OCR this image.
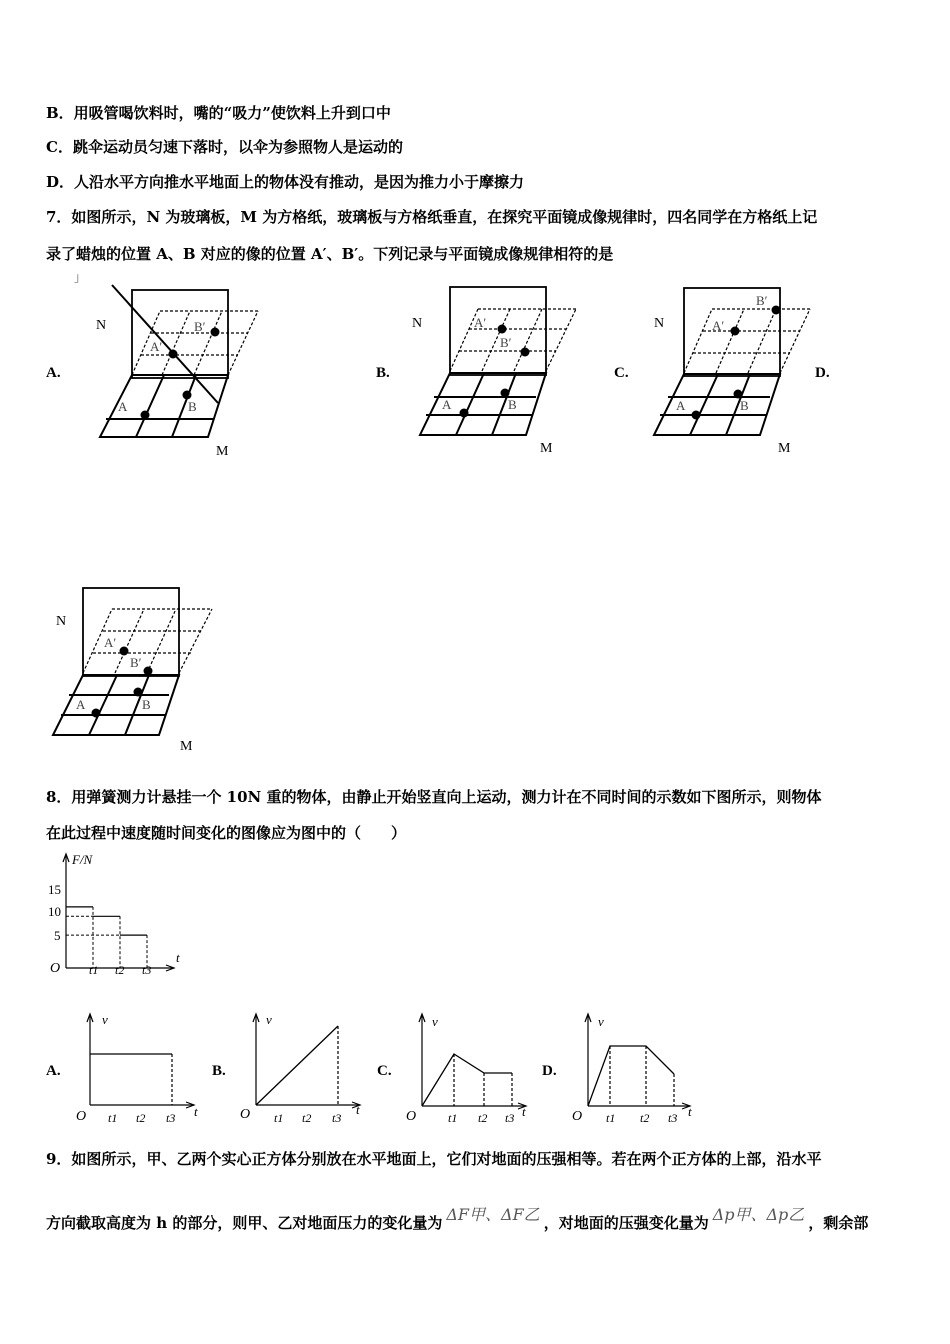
B．用吸管喝饮料时，嘴的“吸力”使饮料上升到口中
C．跳伞运动员匀速下落时，以伞为参照物人是运动的
D．人沿水平方向推水平地面上的物体没有推动，是因为推力小于摩擦力
7．如图所示，N 为玻璃板，M 为方格纸，玻璃板与方格纸垂直，在探究平面镜成像规律时，四名同学在方格纸上记
录了蜡烛的位置 A、B 对应的像的位置 A′、B′。下列记录与平面镜成像规律相符的是
」
A.	B.	C.	D.
N
A	B
A′
B′
M
N
A	B
A′
B′
M
N
A	B
A′
B′
M
N
A	B
A′
B′
M
8．用弹簧测力计悬挂一个 10N 重的物体，由静止开始竖直向上运动，测力计在不同时间的示数如下图所示，则物体
在此过程中速度随时间变化的图像应为图中的（　　）
F/N
t
O
15
10
5
t1 t2 t3
A.	B.	C.	D.
v
t
O t1 t2 t3
v
t
O t1 t2 t3
v
t
O	t1 t2 t3
v
t
O t1 t2 t3
9．如图所示，甲、乙两个实心正方体分别放在水平地面上，它们对地面的压强相等。若在两个正方体的上部，沿水平
方向截取高度为 h 的部分，则甲、乙对地面压力的变化量为 ΔF甲、ΔF乙 ，对地面的压强变化量为 Δp甲、Δp乙 ，剩余部
